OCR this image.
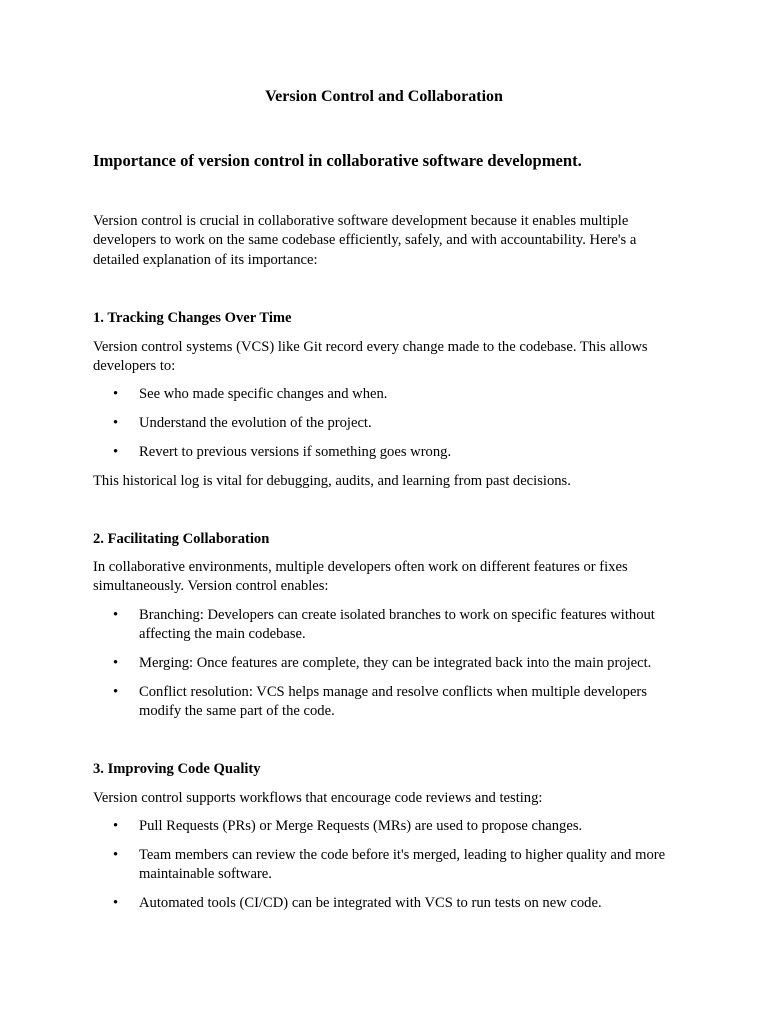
Version Control and Collaboration
Importance of version control in collaborative software development.

Version control is crucial in collaborative software development because it enables multiple developers to work on the same codebase efficiently, safely, and with accountability. Here's a detailed explanation of its importance:

1. Tracking Changes Over Time

Version control systems (VCS) like Git record every change made to the codebase. This allows developers to:

•	See who made specific changes and when.
•	Understand the evolution of the project.
•	Revert to previous versions if something goes wrong.

This historical log is vital for debugging, audits, and learning from past decisions.

2. Facilitating Collaboration

In collaborative environments, multiple developers often work on different features or fixes simultaneously. Version control enables:

•	Branching: Developers can create isolated branches to work on specific features without affecting the main codebase.
•	Merging: Once features are complete, they can be integrated back into the main project.
•	Conflict resolution: VCS helps manage and resolve conflicts when multiple developers modify the same part of the code.

3. Improving Code Quality

Version control supports workflows that encourage code reviews and testing:

•	Pull Requests (PRs) or Merge Requests (MRs) are used to propose changes.
•	Team members can review the code before it's merged, leading to higher quality and more maintainable software.
•	Automated tools (CI/CD) can be integrated with VCS to run tests on new code.
